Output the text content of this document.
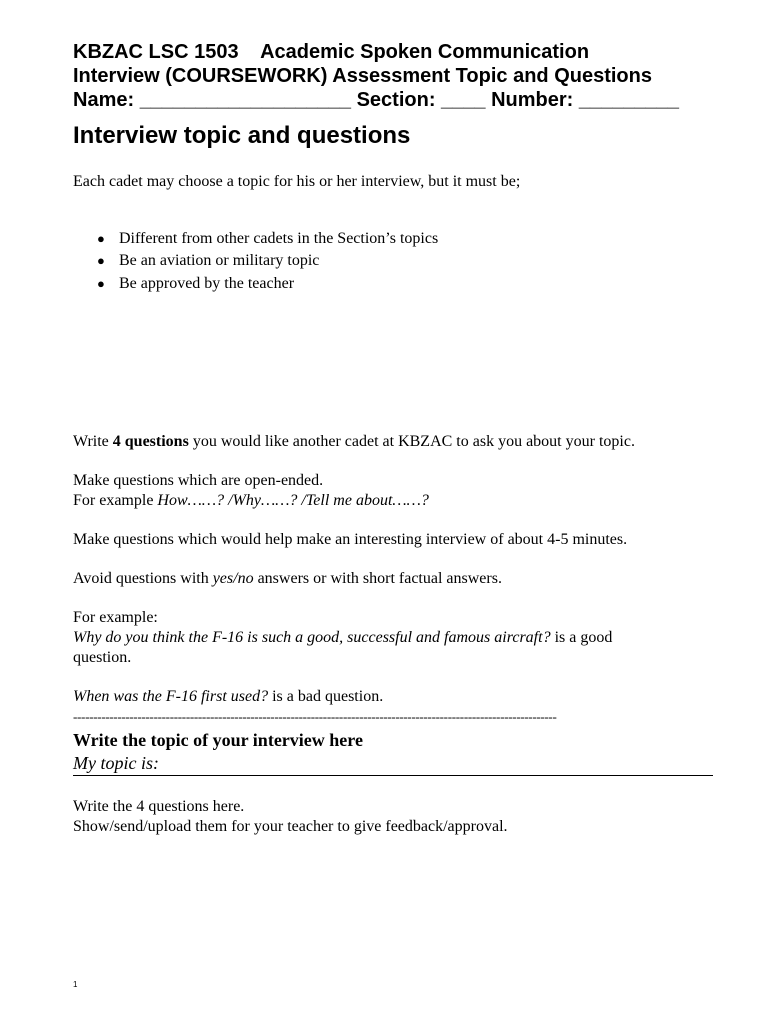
KBZAC LSC 1503    Academic Spoken Communication
Interview (COURSEWORK) Assessment Topic and Questions
Name: ___________________ Section: ____ Number: _________
Interview topic and questions
Each cadet may choose a topic for his or her interview, but it must be;
● Different from other cadets in the Section’s topics
● Be an aviation or military topic
● Be approved by the teacher
Write 4 questions you would like another cadet at KBZAC to ask you about your topic.
Make questions which are open-ended.
For example How……? /Why……? /Tell me about……?
Make questions which would help make an interesting interview of about 4-5 minutes.
Avoid questions with yes/no answers or with short factual answers.
For example:
Why do you think the F-16 is such a good, successful and famous aircraft? is a good
question.
When was the F-16 first used? is a bad question.
------------------------------------------------------------------------------------------------------------------------
Write the topic of your interview here
My topic is:
Write the 4 questions here.
Show/send/upload them for your teacher to give feedback/approval.
1
